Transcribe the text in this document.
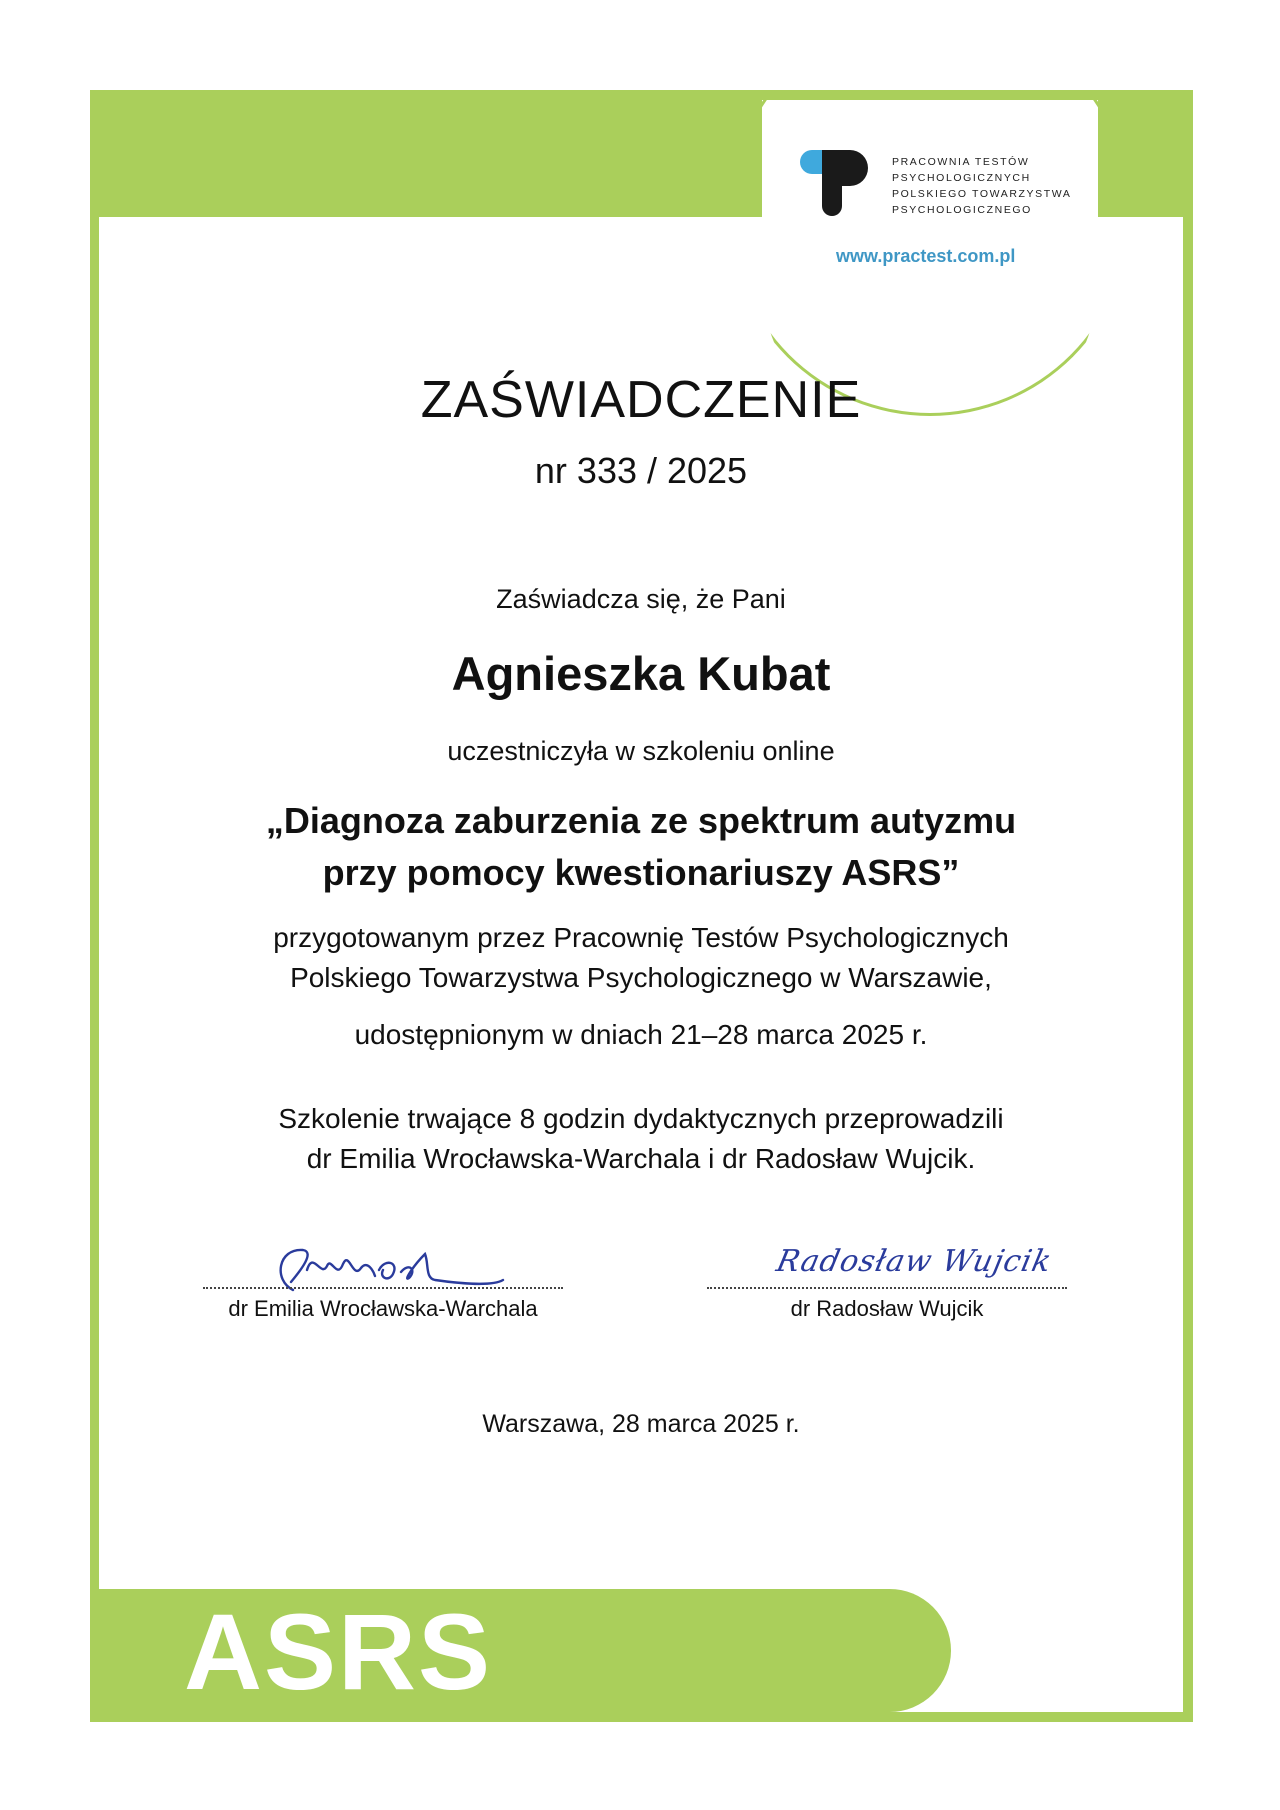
PRACOWNIA TESTÓW
PSYCHOLOGICZNYCH
POLSKIEGO TOWARZYSTWA
PSYCHOLOGICZNEGO
www.practest.com.pl
ZAŚWIADCZENIE
nr 333 / 2025
Zaświadcza się, że Pani
Agnieszka Kubat
uczestniczyła w szkoleniu online
„Diagnoza zaburzenia ze spektrum autyzmu
przy pomocy kwestionariuszy ASRS”
przygotowanym przez Pracownię Testów Psychologicznych
Polskiego Towarzystwa Psychologicznego w Warszawie,
udostępnionym w dniach 21–28 marca 2025 r.
Szkolenie trwające 8 godzin dydaktycznych przeprowadzili
dr Emilia Wrocławska-Warchala i dr Radosław Wujcik.
dr Emilia Wrocławska-Warchala
Radosław Wujcik
dr Radosław Wujcik
Warszawa, 28 marca 2025 r.
ASRS
